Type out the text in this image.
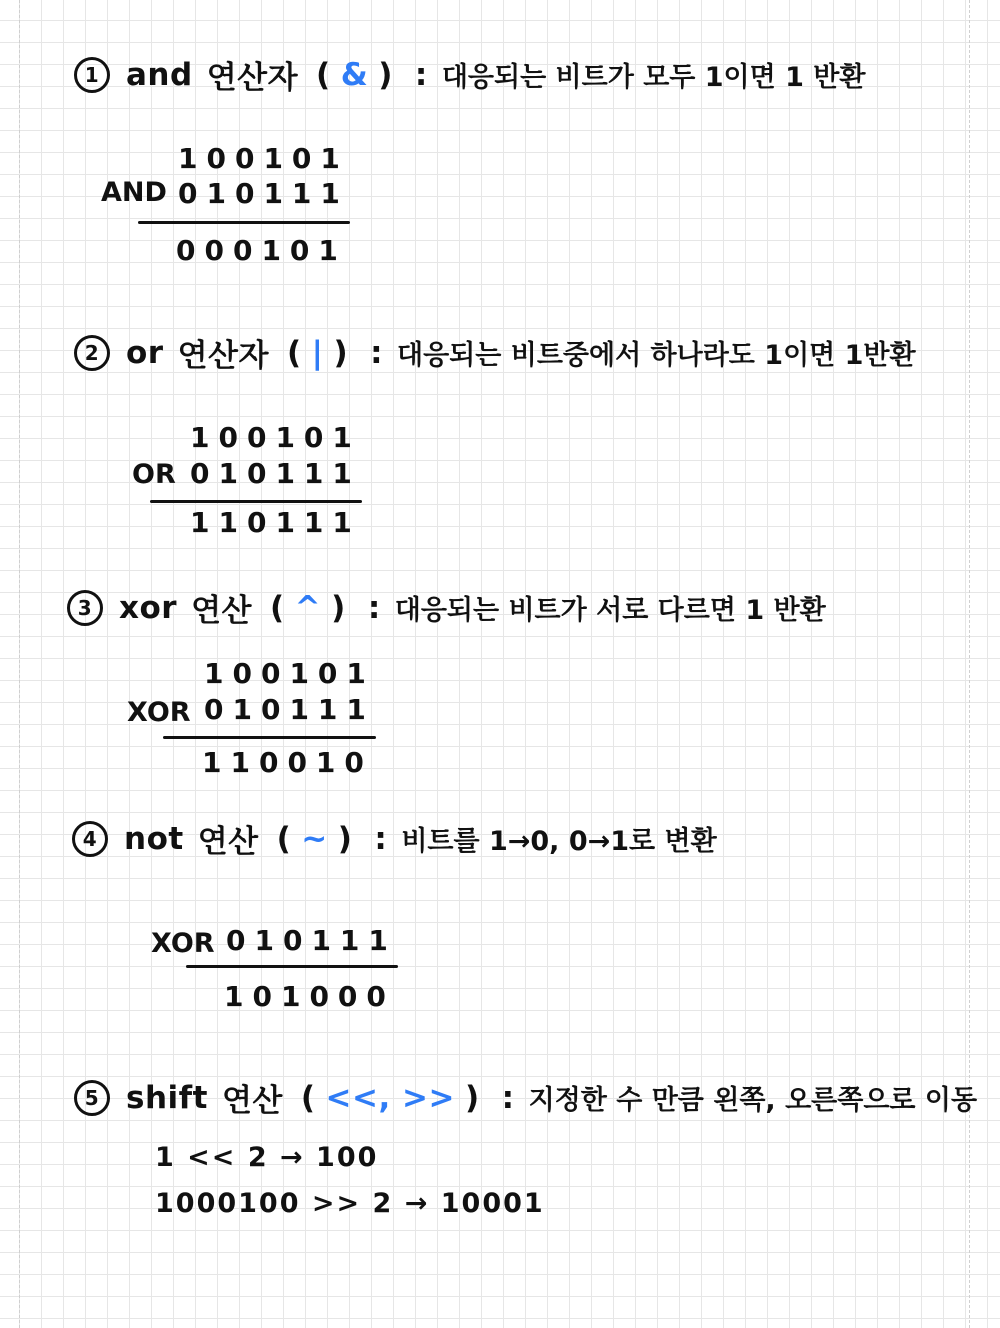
1 and 연산자 ( & ) : 대응되는 비트가 모두 1이면 1 반환
100101
AND 010111
000101
2 or 연산자 ( | ) : 대응되는 비트중에서 하나라도 1이면 1반환
100101
OR 010111
110111
3 xor 연산 ( ^ ) : 대응되는 비트가 서로 다르면 1 반환
100101
XOR 010111
110010
4 not 연산 ( ~ ) : 비트를 1→0, 0→1로 변환
XOR 010111
101000
5 shift 연산 ( <<, >> ) : 지정한 수 만큼 왼쪽, 오른쪽으로 이동
1 << 2 → 100
1000100 >> 2 → 10001
